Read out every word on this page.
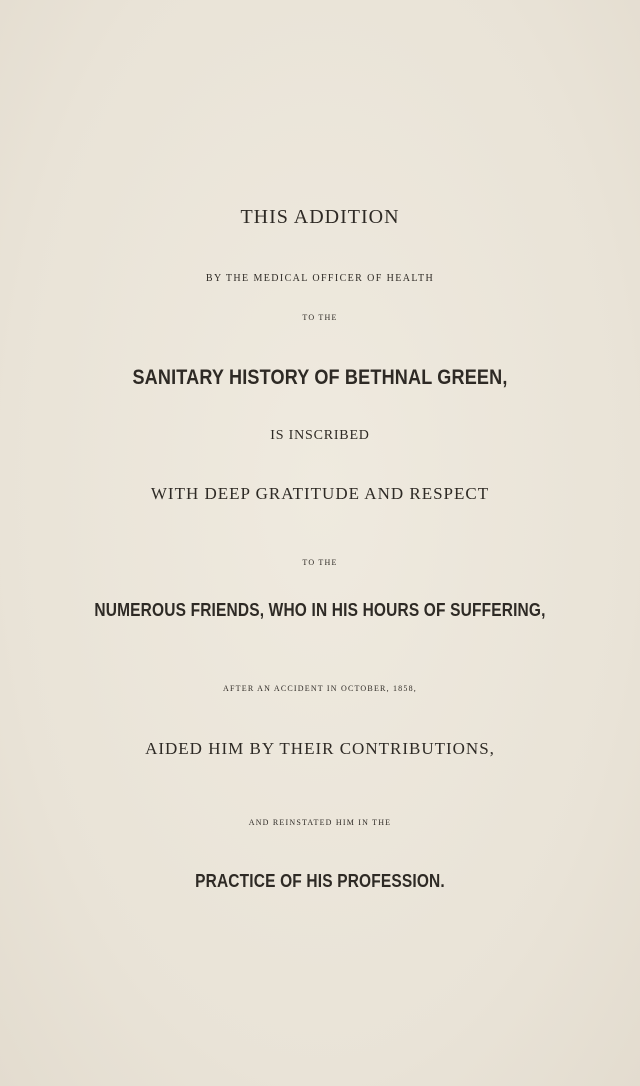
THIS ADDITION

BY THE MEDICAL OFFICER OF HEALTH

TO THE

SANITARY HISTORY OF BETHNAL GREEN,

IS INSCRIBED

WITH DEEP GRATITUDE AND RESPECT

TO THE

NUMEROUS FRIENDS, WHO IN HIS HOURS OF SUFFERING,

AFTER AN ACCIDENT IN OCTOBER, 1858,

AIDED HIM BY THEIR CONTRIBUTIONS,

AND REINSTATED HIM IN THE

PRACTICE OF HIS PROFESSION.
